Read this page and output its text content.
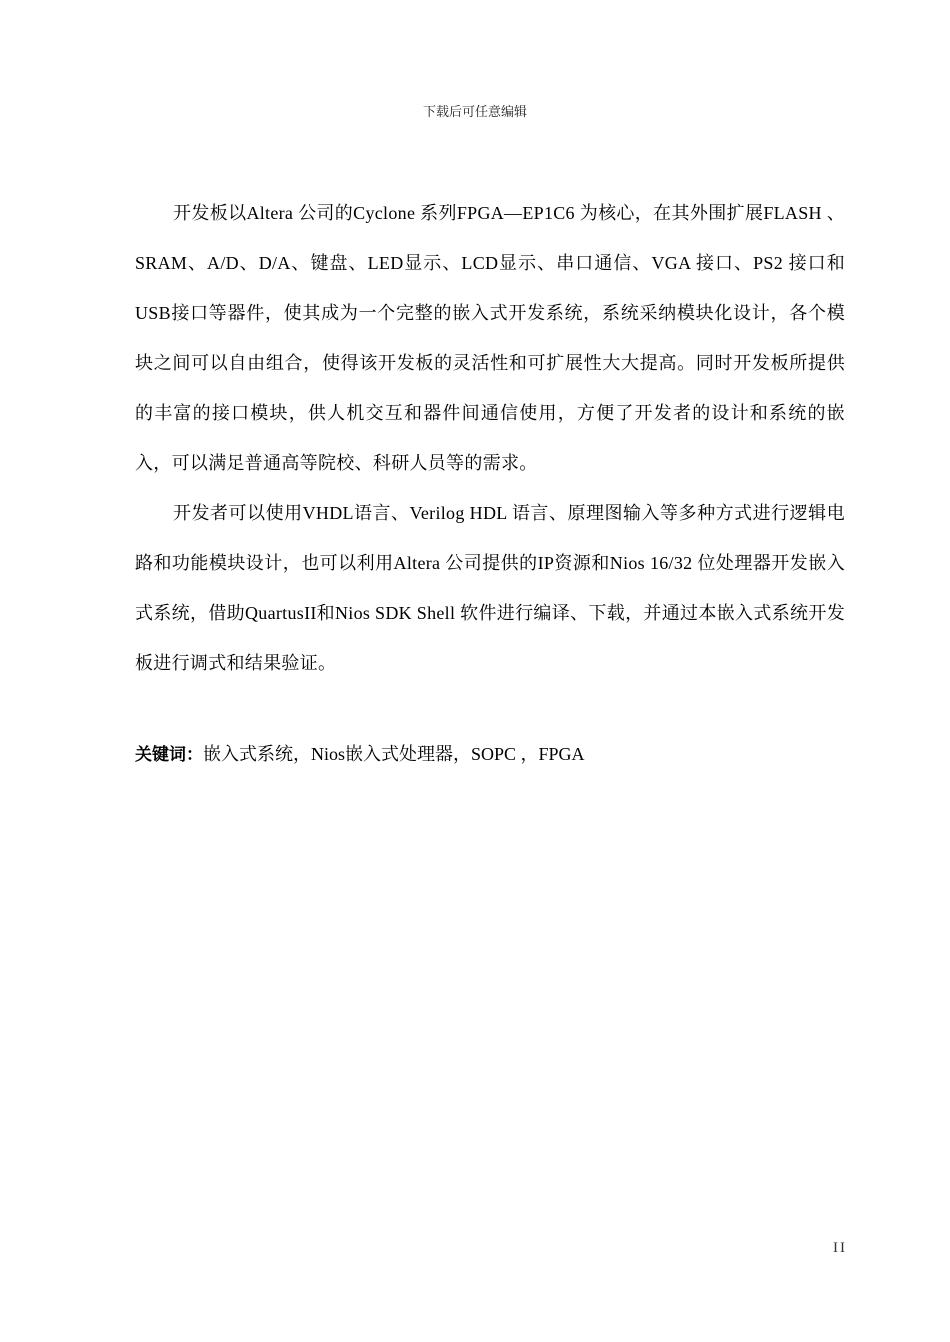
下载后可任意编辑

开发板以Altera 公司的Cyclone 系列FPGA—EP1C6 为核心，在其外围扩展FLASH 、SRAM、A/D、D/A、键盘、LED显示、LCD显示、串口通信、VGA 接口、PS2 接口和USB接口等器件，使其成为一个完整的嵌入式开发系统，系统采纳模块化设计，各个模块之间可以自由组合，使得该开发板的灵活性和可扩展性大大提高。同时开发板所提供的丰富的接口模块，供人机交互和器件间通信使用，方便了开发者的设计和系统的嵌入，可以满足普通高等院校、科研人员等的需求。

开发者可以使用VHDL语言、Verilog HDL 语言、原理图输入等多种方式进行逻辑电路和功能模块设计，也可以利用Altera 公司提供的IP资源和Nios 16/32 位处理器开发嵌入式系统，借助QuartusII和Nios SDK Shell 软件进行编译、下载，并通过本嵌入式系统开发板进行调式和结果验证。

关键词：嵌入式系统，Nios嵌入式处理器，SOPC ，FPGA
II
